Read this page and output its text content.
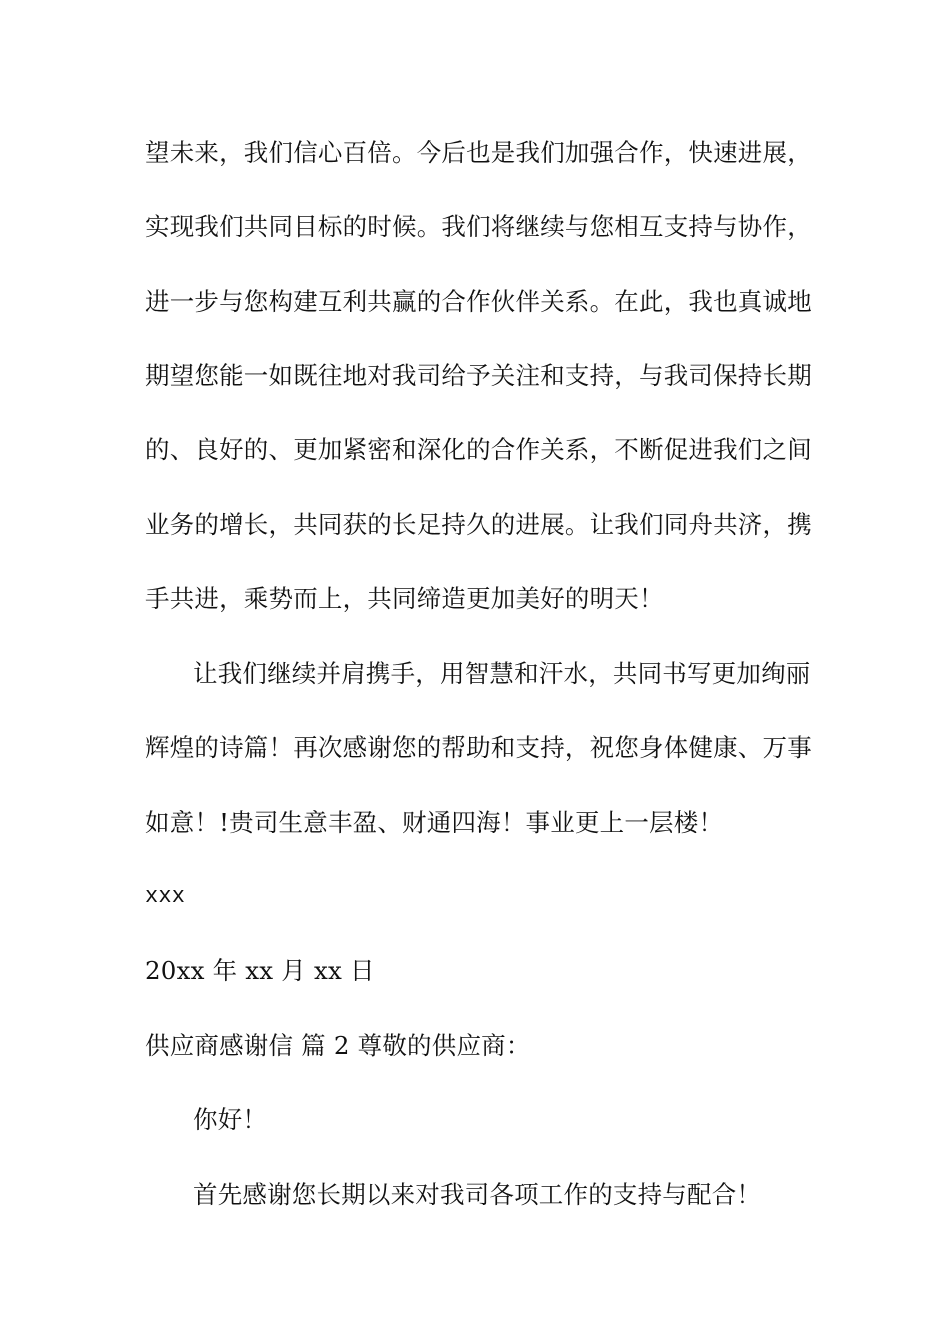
望未来，我们信心百倍。今后也是我们加强合作，快速进展，
实现我们共同目标的时候。我们将继续与您相互支持与协作，
进一步与您构建互利共赢的合作伙伴关系。在此，我也真诚地
期望您能一如既往地对我司给予关注和支持，与我司保持长期
的、良好的、更加紧密和深化的合作关系，不断促进我们之间
业务的增长，共同获的长足持久的进展。让我们同舟共济，携
手共进，乘势而上，共同缔造更加美好的明天！
让我们继续并肩携手，用智慧和汗水，共同书写更加绚丽
辉煌的诗篇！再次感谢您的帮助和支持，祝您身体健康、万事
如意！!贵司生意丰盈、财通四海！事业更上一层楼！
xxx
20xx 年 xx 月 xx 日
供应商感谢信 篇 2 尊敬的供应商：
你好！
首先感谢您长期以来对我司各项工作的支持与配合！
